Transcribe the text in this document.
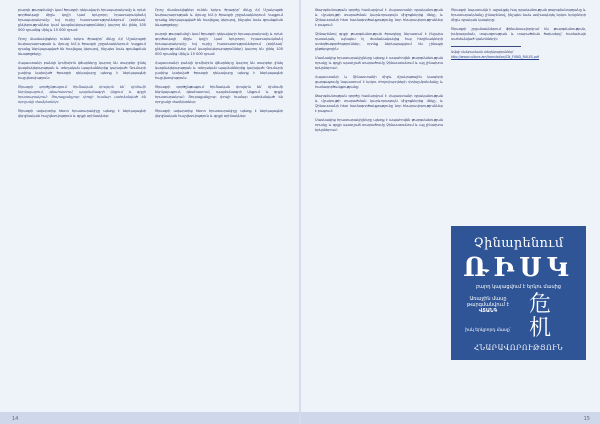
բարդի թարգմանչի կամ ծրագրի ղեկավարի հրապարակումը և որևէ գործակալի միջև կոլ(ի կամ երկրորդ հրատարակման) հրապարակումը: Եվ ուրիշ հաստատություններում (օրինակ՝ ընկերություններ կամ կազմակերպություններ) կարող են լինել 100 000 դրամից մինչև 15 000 դրամ:

Որոշ մասնակիցներ ունեն երկու ծրագիր՝ մեկը ՀՀ Մշակույթի նախարարության և մյուսը ԵՄ-ի ծրագրի շրջանակներում: Կայքում դրանք ներկայացված են հավելյալ կերպով, ինչպես նաև գրանցման ձևաթղթերը:

Հայաստանի բանկի կոմիսիոն վճարները կարող են տարբեր լինել կազմակերպության և տեղական պայմաններից կախված: Գումարի չափից կախված ծրագրի ղեկավարը պետք է ներկայացնի հաշվետվություն:

Ծրագրի գործընթացում հիմնական փուլերն են՝ դիմումի ներկայացում, գնահատում, պայմանագրի կնքում և գրքի հրատարակում: Յուրաքանչյուր փուլի համար սահմանված են որոշակի ժամկետներ:

Ծրագրի ավարտից հետո հրատարակիչը պետք է ներկայացնի վերջնական հաշվետվություն և գրքի օրինակներ:

Որոշ մասնակիցներ ունեն երկու ծրագիր՝ մեկը ՀՀ Մշակույթի նախարարության և մյուսը ԵՄ-ի ծրագրի շրջանակներում: Կայքում դրանք ներկայացված են հավելյալ կերպով, ինչպես նաև գրանցման ձևաթղթերը:

բարդի թարգմանչի կամ ծրագրի ղեկավարի հրապարակումը և որևէ գործակալի միջև կոլ(ի կամ երկրորդ հրատարակման) հրապարակումը: Եվ ուրիշ հաստատություններում (օրինակ՝ ընկերություններ կամ կազմակերպություններ) կարող են լինել 100 000 դրամից մինչև 15 000 դրամ:

Հայաստանի բանկի կոմիսիոն վճարները կարող են տարբեր լինել կազմակերպության և տեղական պայմաններից կախված: Գումարի չափից կախված ծրագրի ղեկավարը պետք է ներկայացնի հաշվետվություն:

Ծրագրի գործընթացում հիմնական փուլերն են՝ դիմումի ներկայացում, գնահատում, պայմանագրի կնքում և գրքի հրատարակում: Յուրաքանչյուր փուլի համար սահմանված են որոշակի ժամկետներ:

Ծրագրի ավարտից հետո հրատարակիչը պետք է ներկայացնի վերջնական հաշվետվություն և գրքի օրինակներ:

14

Թարգմանության գործը համարվում է Հայաստանի գրականության և մշակույթի տարածման կարևորագույն միջոցներից մեկը, և Չինաստանի հետ համագործակցությունը նոր հնարավորություններ է բացում:

Չինարենով գրքի թարգմանության ծրագիրը ներառում է ինչպես դասական, այնպես էլ ժամանակակից հայ հեղինակների ստեղծագործություններ, որոնք ներկայացվում են չինացի ընթերցողին:

Մասնակից հրատարակիչները պետք է ապահովեն թարգմանության որակը և գրքի պատշաճ տարածումը Չինաստանում և այլ չինախոս երկրներում:

Հայաստանի և Չինաստանի միջև մշակութային կապերի զարգացումը նպաստում է երկու ժողովուրդների փոխըմբռնմանը և համագործակցությանը:

Թարգմանության գործը համարվում է Հայաստանի գրականության և մշակույթի տարածման կարևորագույն միջոցներից մեկը, և Չինաստանի հետ համագործակցությունը նոր հնարավորություններ է բացում:

Մասնակից հրատարակիչները պետք է ապահովեն թարգմանության որակը և գրքի պատշաճ տարածումը Չինաստանում և այլ չինախոս երկրներում:

Ծրագրի նպատակն է աջակցել հայ գրականության թարգմանությանը և հրատարակմանը չինարենով, ինչպես նաև ամրապնդել երկու երկրների միջև գրական կապերը:

Ծրագրի շրջանակներում ֆինանսավորվում են թարգմանության, խմբագրման, տպագրության և տարածման ծախսերը՝ համաձայն սահմանված կանոնների:

Ավելի մանրամասն տեղեկություններ՝
http://www.culture.am/translation/CN_FUND_RULES.pdf
Չինարենում
ՌԻՍԿ
բարդ կայացվում է երկու մասից
Առաջին մասը
թարգմանվում է
ՎՏԱՆԳ
իսկ երկրորդ մասը՝
危
机
ՀՆԱՐԱՎՈՐՈՒԹՅՈՒՆ
15
